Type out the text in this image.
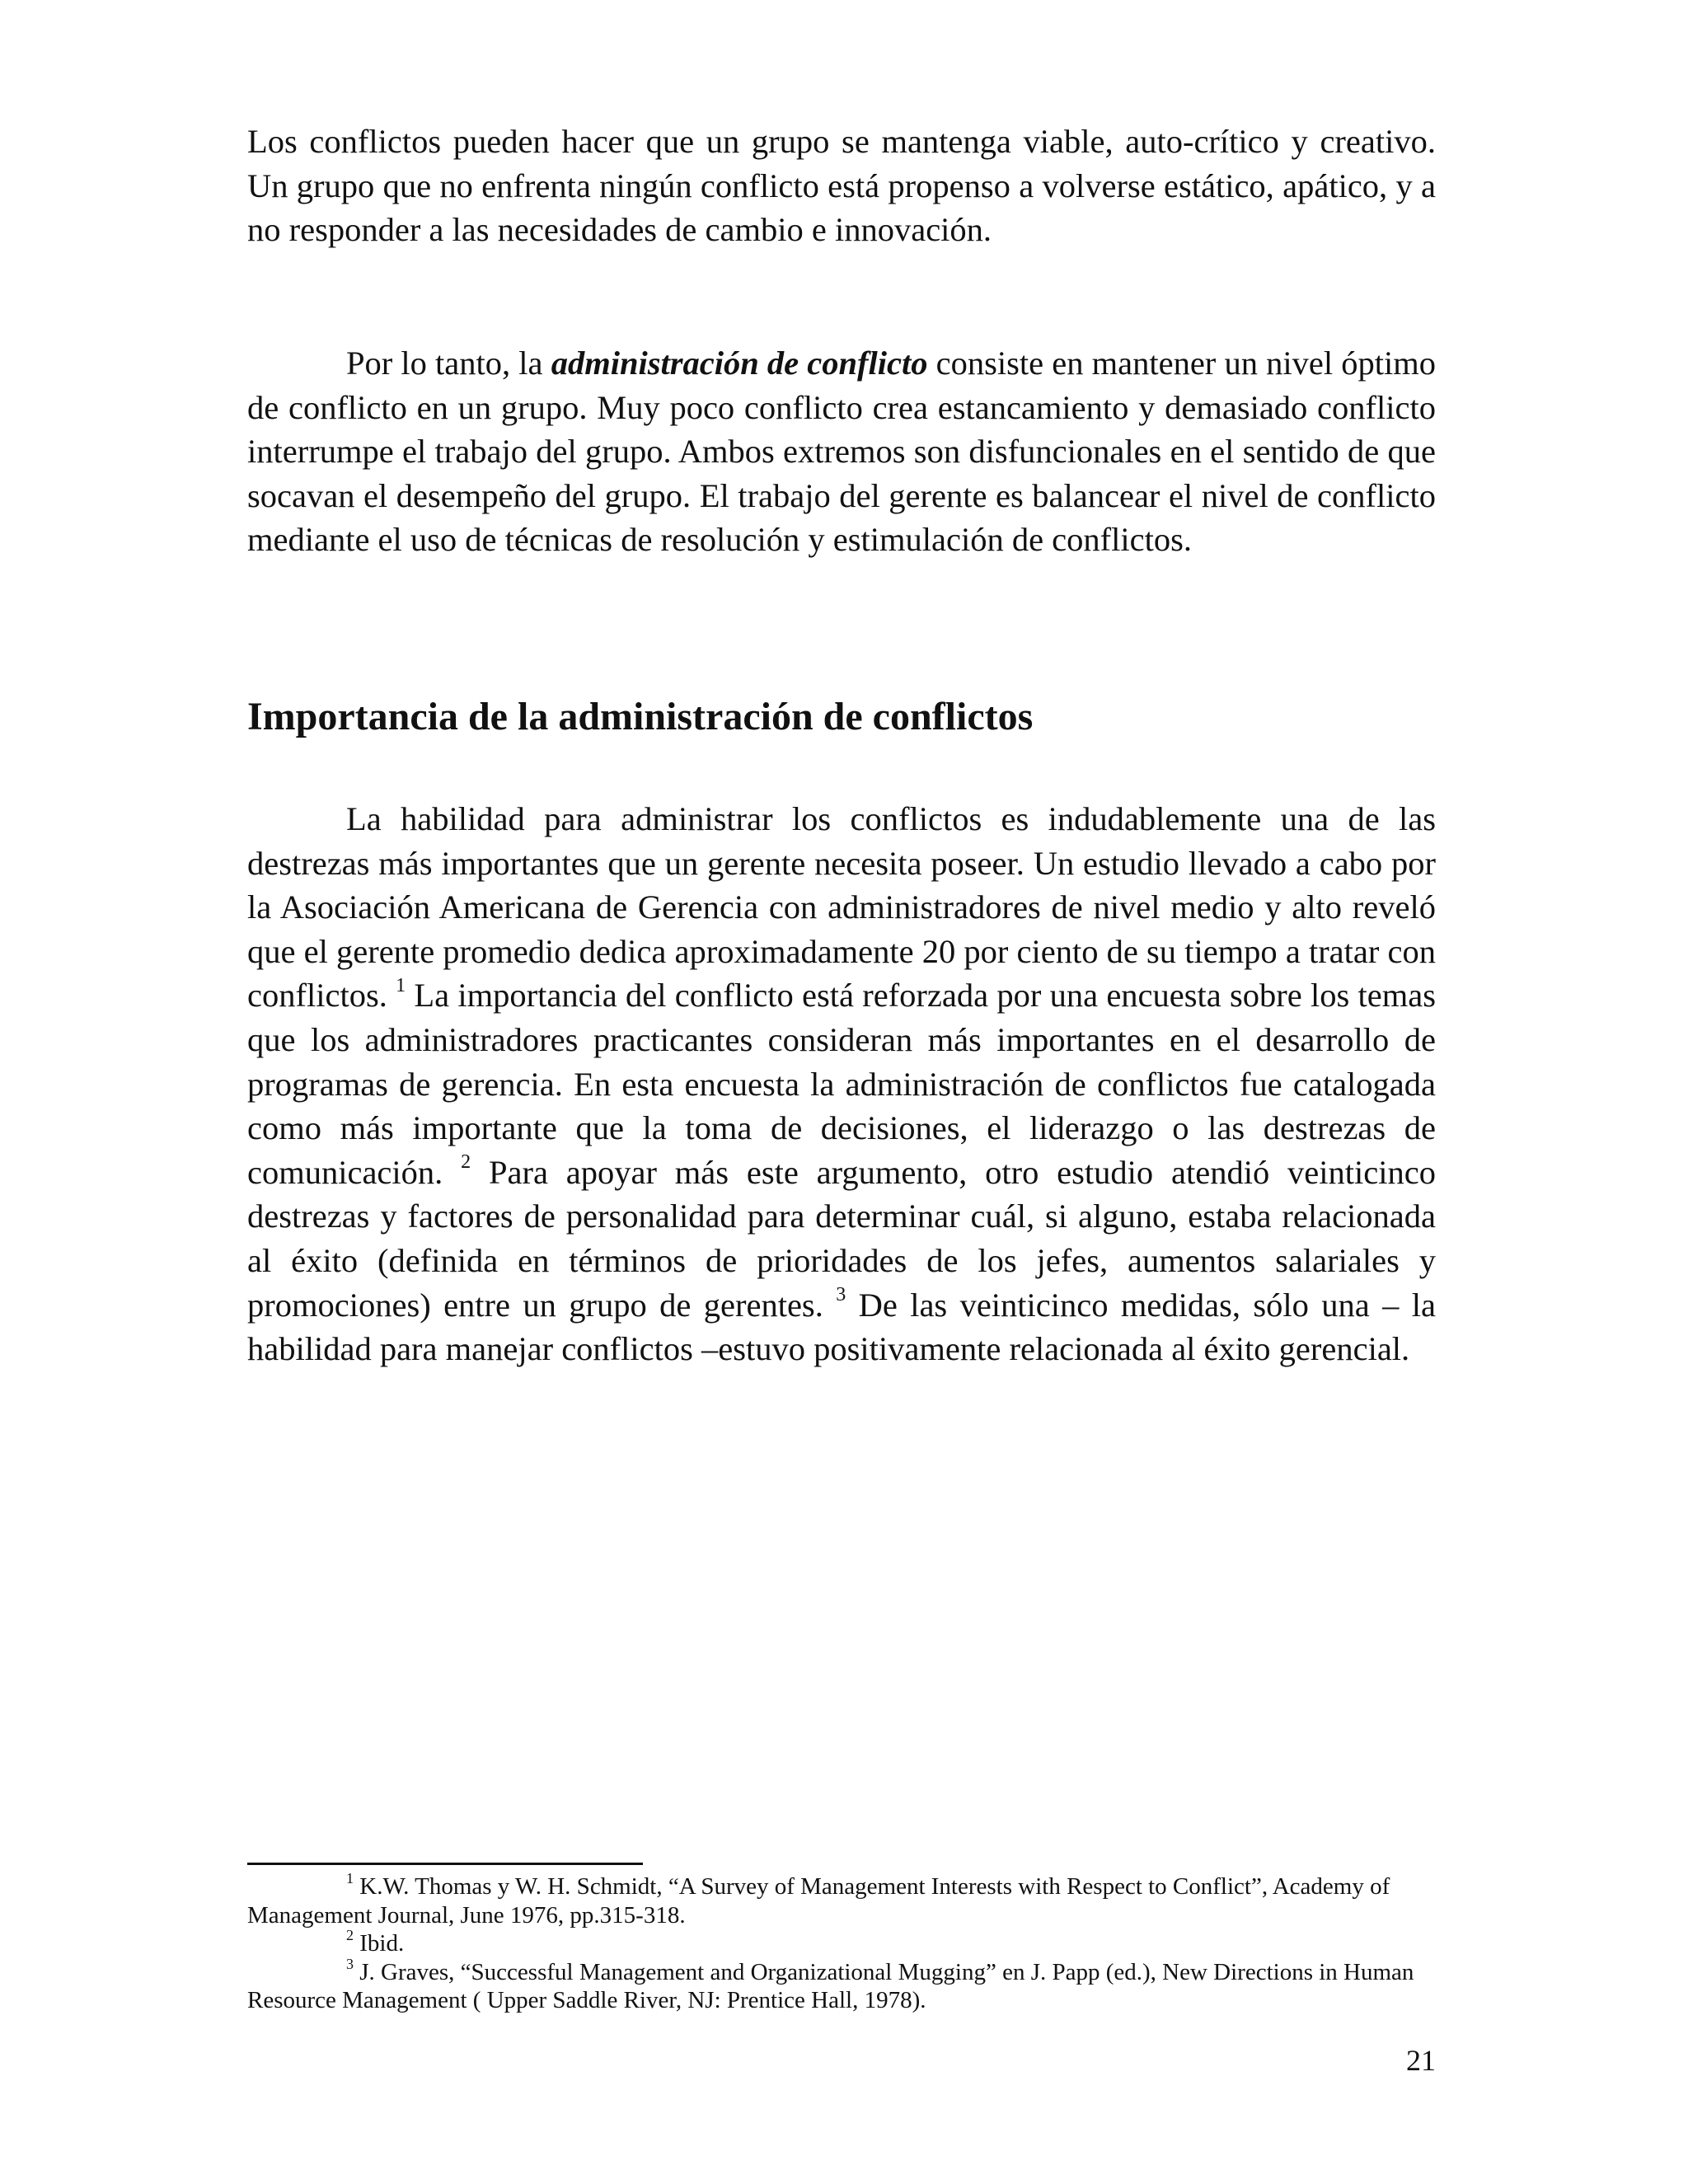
Los conflictos pueden hacer que un grupo se mantenga viable, auto-crítico y creativo. Un grupo que no enfrenta ningún conflicto está propenso a volverse estático, apático, y a no responder a las necesidades de cambio e innovación.

Por lo tanto, la administración de conflicto consiste en mantener un nivel óptimo de conflicto en un grupo. Muy poco conflicto crea estancamiento y demasiado conflicto interrumpe el trabajo del grupo. Ambos extremos son disfuncionales en el sentido de que socavan el desempeño del grupo. El trabajo del gerente es balancear el nivel de conflicto mediante el uso de técnicas de resolución y estimulación de conflictos.

Importancia de la administración de conflictos

La habilidad para administrar los conflictos es indudablemente una de las destrezas más importantes que un gerente necesita poseer. Un estudio llevado a cabo por la Asociación Americana de Gerencia con administradores de nivel medio y alto reveló que el gerente promedio dedica aproximadamente 20 por ciento de su tiempo a tratar con conflictos. $^1$ La importancia del conflicto está reforzada por una encuesta sobre los temas que los administradores practicantes consideran más importantes en el desarrollo de programas de gerencia. En esta encuesta la administración de conflictos fue catalogada como más importante que la toma de decisiones, el liderazgo o las destrezas de comunicación. $^2$ Para apoyar más este argumento, otro estudio atendió veinticinco destrezas y factores de personalidad para determinar cuál, si alguno, estaba relacionada al éxito (definida en términos de prioridades de los jefes, aumentos salariales y promociones) entre un grupo de gerentes. $^3$ De las veinticinco medidas, sólo una – la habilidad para manejar conflictos –estuvo positivamente relacionada al éxito gerencial.

$^1$ K.W. Thomas y W. H. Schmidt, “A Survey of Management Interests with Respect to Conflict”, Academy of Management Journal, June 1976, pp.315-318.

$^2$ Ibid.

$^3$ J. Graves, “Successful Management and Organizational Mugging” en J. Papp (ed.), New Directions in Human Resource Management ( Upper Saddle River, NJ: Prentice Hall, 1978).

21
